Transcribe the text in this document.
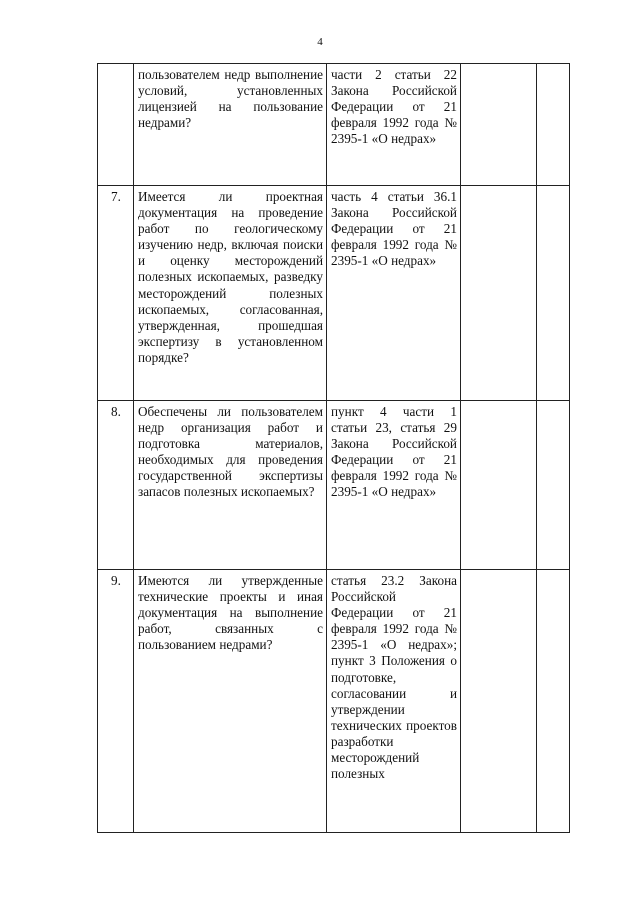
4
	пользователем недр выполнение условий, установленных лицензией на пользование недрами?	части 2 статьи 22 Закона Российской Федерации от 21 февраля 1992 года № 2395-1 «О недрах»		
7.	Имеется ли проектная документация на проведение работ по геологическому изучению недр, включая поиски и оценку месторождений полезных ископаемых, разведку месторождений полезных ископаемых, согласованная, утвержденная, прошедшая экспертизу в установленном порядке?	часть 4 статьи 36.1 Закона Российской Федерации от 21 февраля 1992 года № 2395-1 «О недрах»		
8.	Обеспечены ли пользователем недр организация работ и подготовка материалов, необходимых для проведения государственной экспертизы запасов полезных ископаемых?	пункт 4 части 1 статьи 23, статья 29 Закона Российской Федерации от 21 февраля 1992 года № 2395-1 «О недрах»		
9.	Имеются ли утвержденные технические проекты и иная документация на выполнение работ, связанных с пользованием недрами?	статья 23.2 Закона Российской Федерации от 21 февраля 1992 года № 2395-1 «О недрах»; пункт 3 Положения о подготовке, согласовании и утверждении технических проектов разработки месторождений полезных		
